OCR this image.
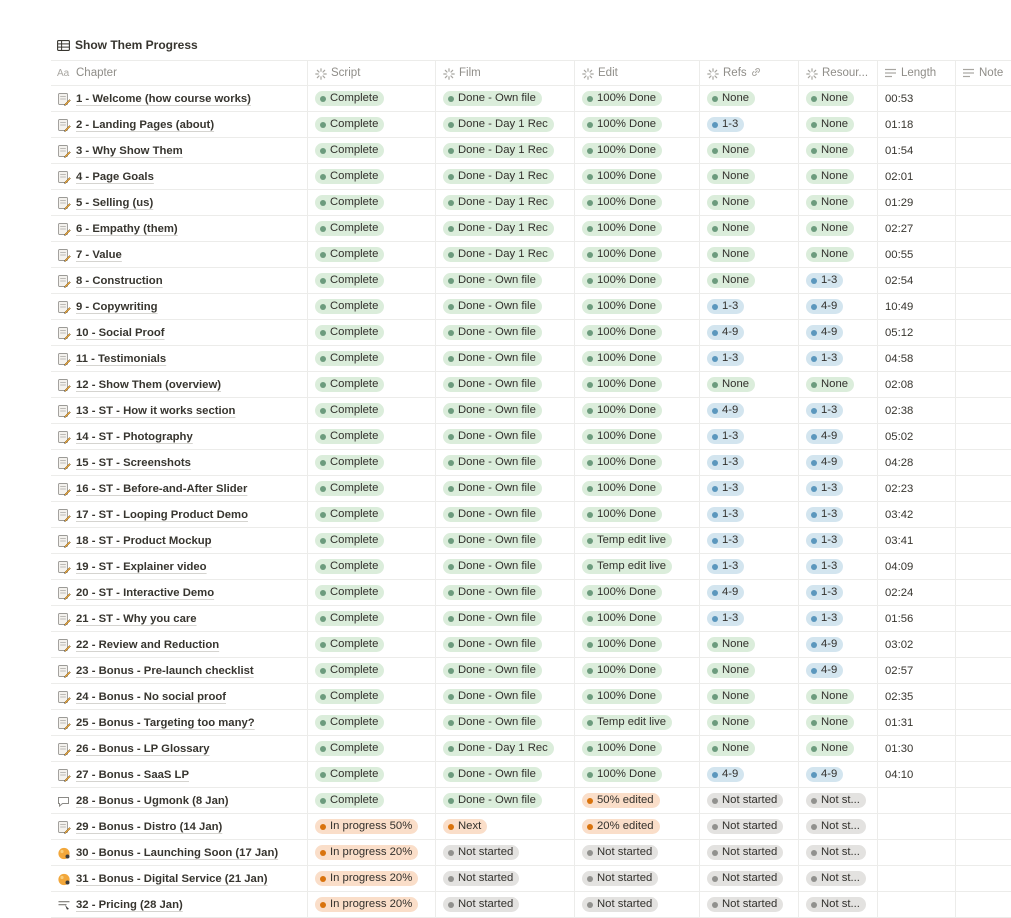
Show Them Progress
Aa Chapter	Script	Film	Edit	Refs	Resour...	Length	Note
1 - Welcome (how course works)	Complete	Done - Own file	100% Done	None	None	00:53
2 - Landing Pages (about)	Complete	Done - Day 1 Rec	100% Done	1-3	None	01:18
3 - Why Show Them	Complete	Done - Day 1 Rec	100% Done	None	None	01:54
4 - Page Goals	Complete	Done - Day 1 Rec	100% Done	None	None	02:01
5 - Selling (us)	Complete	Done - Day 1 Rec	100% Done	None	None	01:29
6 - Empathy (them)	Complete	Done - Day 1 Rec	100% Done	None	None	02:27
7 - Value	Complete	Done - Day 1 Rec	100% Done	None	None	00:55
8 - Construction	Complete	Done - Own file	100% Done	None	1-3	02:54
9 - Copywriting	Complete	Done - Own file	100% Done	1-3	4-9	10:49
10 - Social Proof	Complete	Done - Own file	100% Done	4-9	4-9	05:12
11 - Testimonials	Complete	Done - Own file	100% Done	1-3	1-3	04:58
12 - Show Them (overview)	Complete	Done - Own file	100% Done	None	None	02:08
13 - ST - How it works section	Complete	Done - Own file	100% Done	4-9	1-3	02:38
14 - ST - Photography	Complete	Done - Own file	100% Done	1-3	4-9	05:02
15 - ST - Screenshots	Complete	Done - Own file	100% Done	1-3	4-9	04:28
16 - ST - Before-and-After Slider	Complete	Done - Own file	100% Done	1-3	1-3	02:23
17 - ST - Looping Product Demo	Complete	Done - Own file	100% Done	1-3	1-3	03:42
18 - ST - Product Mockup	Complete	Done - Own file	Temp edit live	1-3	1-3	03:41
19 - ST - Explainer video	Complete	Done - Own file	Temp edit live	1-3	1-3	04:09
20 - ST - Interactive Demo	Complete	Done - Own file	100% Done	4-9	1-3	02:24
21 - ST - Why you care	Complete	Done - Own file	100% Done	1-3	1-3	01:56
22 - Review and Reduction	Complete	Done - Own file	100% Done	None	4-9	03:02
23 - Bonus - Pre-launch checklist	Complete	Done - Own file	100% Done	None	4-9	02:57
24 - Bonus - No social proof	Complete	Done - Own file	100% Done	None	None	02:35
25 - Bonus - Targeting too many?	Complete	Done - Own file	Temp edit live	None	None	01:31
26 - Bonus - LP Glossary	Complete	Done - Day 1 Rec	100% Done	None	None	01:30
27 - Bonus - SaaS LP	Complete	Done - Own file	100% Done	4-9	4-9	04:10
28 - Bonus - Ugmonk (8 Jan)	Complete	Done - Own file	50% edited	Not started	Not st...
29 - Bonus - Distro (14 Jan)	In progress 50%	Next	20% edited	Not started	Not st...
30 - Bonus - Launching Soon (17 Jan)	In progress 20%	Not started	Not started	Not started	Not st...
31 - Bonus - Digital Service (21 Jan)	In progress 20%	Not started	Not started	Not started	Not st...
32 - Pricing (28 Jan)	In progress 20%	Not started	Not started	Not started	Not st...
